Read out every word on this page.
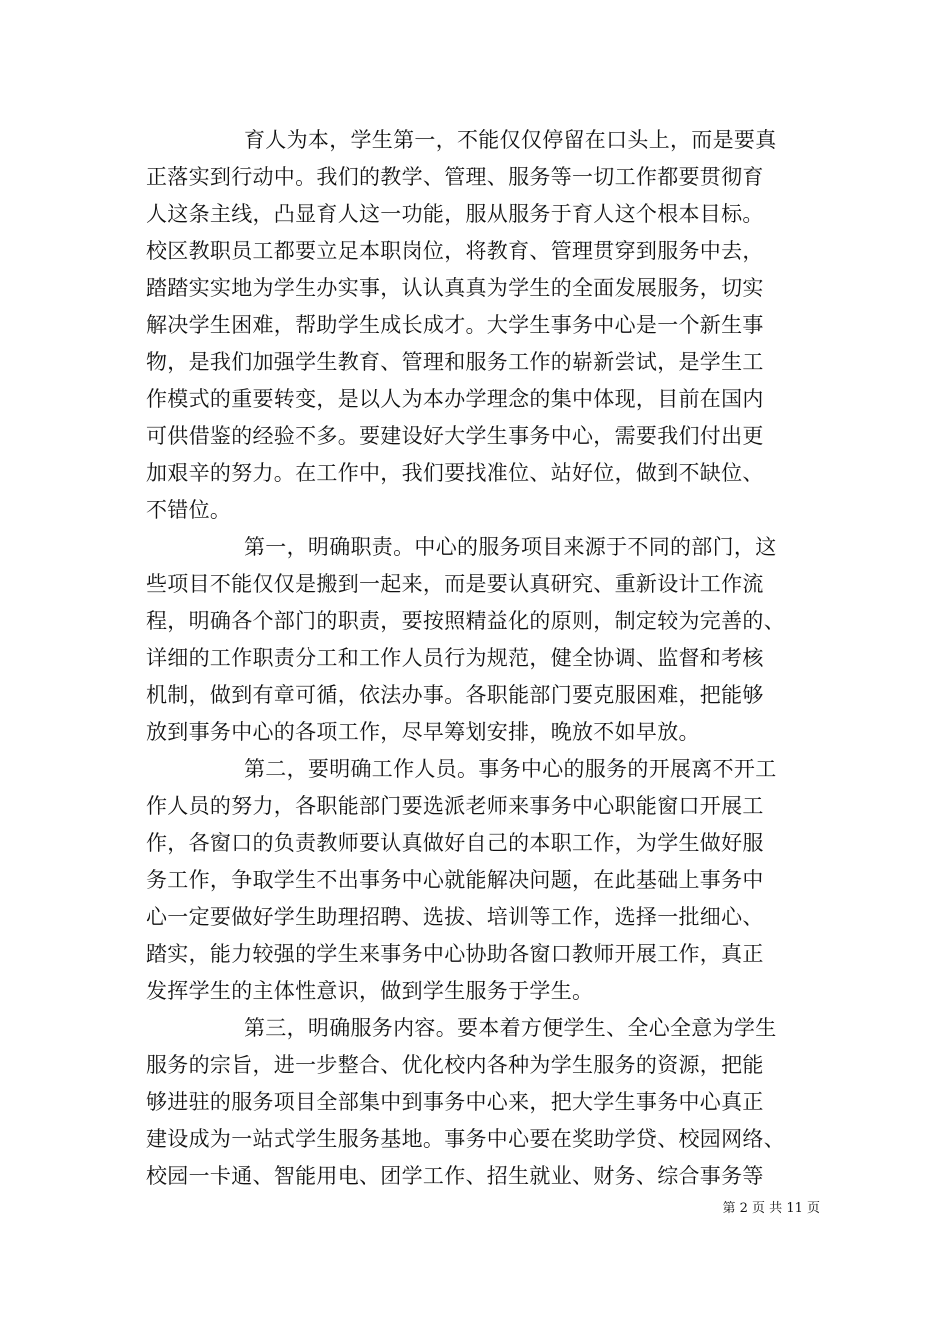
育人为本，学生第一，不能仅仅停留在口头上，而是要真
正落实到行动中。我们的教学、管理、服务等一切工作都要贯彻育
人这条主线，凸显育人这一功能，服从服务于育人这个根本目标。
校区教职员工都要立足本职岗位，将教育、管理贯穿到服务中去，
踏踏实实地为学生办实事，认认真真为学生的全面发展服务，切实
解决学生困难，帮助学生成长成才。大学生事务中心是一个新生事
物，是我们加强学生教育、管理和服务工作的崭新尝试，是学生工
作模式的重要转变，是以人为本办学理念的集中体现，目前在国内
可供借鉴的经验不多。要建设好大学生事务中心，需要我们付出更
加艰辛的努力。在工作中，我们要找准位、站好位，做到不缺位、
不错位。
第一，明确职责。中心的服务项目来源于不同的部门，这
些项目不能仅仅是搬到一起来，而是要认真研究、重新设计工作流
程，明确各个部门的职责，要按照精益化的原则，制定较为完善的、
详细的工作职责分工和工作人员行为规范，健全协调、监督和考核
机制，做到有章可循，依法办事。各职能部门要克服困难，把能够
放到事务中心的各项工作，尽早筹划安排，晚放不如早放。
第二，要明确工作人员。事务中心的服务的开展离不开工
作人员的努力，各职能部门要选派老师来事务中心职能窗口开展工
作，各窗口的负责教师要认真做好自己的本职工作，为学生做好服
务工作，争取学生不出事务中心就能解决问题，在此基础上事务中
心一定要做好学生助理招聘、选拔、培训等工作，选择一批细心、
踏实，能力较强的学生来事务中心协助各窗口教师开展工作，真正
发挥学生的主体性意识，做到学生服务于学生。
第三，明确服务内容。要本着方便学生、全心全意为学生
服务的宗旨，进一步整合、优化校内各种为学生服务的资源，把能
够进驻的服务项目全部集中到事务中心来，把大学生事务中心真正
建设成为一站式学生服务基地。事务中心要在奖助学贷、校园网络、
校园一卡通、智能用电、团学工作、招生就业、财务、综合事务等
第 2 页 共 11 页
